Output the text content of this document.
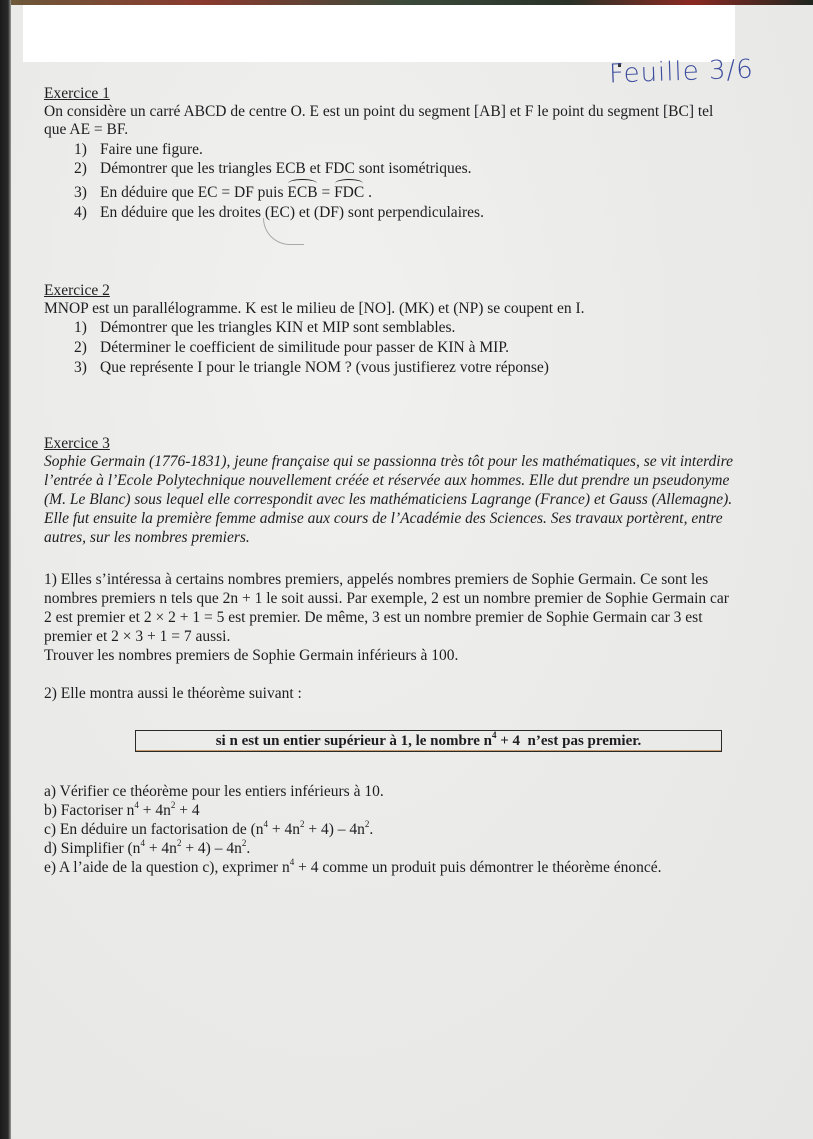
Feuille 3/6
Exercice 1
On considère un carré ABCD de centre O. E est un point du segment [AB] et F le point du segment [BC] tel
que AE = BF.
1) Faire une figure.
2) Démontrer que les triangles ECB et FDC sont isométriques.
3) En déduire que EC = DF puis ECB = FDC .
4) En déduire que les droites (EC) et (DF) sont perpendiculaires.
Exercice 2
MNOP est un parallélogramme. K est le milieu de [NO]. (MK) et (NP) se coupent en I.
1) Démontrer que les triangles KIN et MIP sont semblables.
2) Déterminer le coefficient de similitude pour passer de KIN à MIP.
3) Que représente I pour le triangle NOM ? (vous justifierez votre réponse)
Exercice 3
Sophie Germain (1776-1831), jeune française qui se passionna très tôt pour les mathématiques, se vit interdire
l’entrée à l’Ecole Polytechnique nouvellement créée et réservée aux hommes. Elle dut prendre un pseudonyme
(M. Le Blanc) sous lequel elle correspondit avec les mathématiciens Lagrange (France) et Gauss (Allemagne).
Elle fut ensuite la première femme admise aux cours de l’Académie des Sciences. Ses travaux portèrent, entre
autres, sur les nombres premiers.
1) Elles s’intéressa à certains nombres premiers, appelés nombres premiers de Sophie Germain. Ce sont les
nombres premiers n tels que 2n + 1 le soit aussi. Par exemple, 2 est un nombre premier de Sophie Germain car
2 est premier et 2 × 2 + 1 = 5 est premier. De même, 3 est un nombre premier de Sophie Germain car 3 est
premier et 2 × 3 + 1 = 7 aussi.
Trouver les nombres premiers de Sophie Germain inférieurs à 100.
2) Elle montra aussi le théorème suivant :
si n est un entier supérieur à 1, le nombre $n^4 + 4$  n’est pas premier.
a) Vérifier ce théorème pour les entiers inférieurs à 10.
b) Factoriser $n^4 + 4n^2 + 4$
c) En déduire un factorisation de $(n^4 + 4n^2 + 4) - 4n^2$.
d) Simplifier $(n^4 + 4n^2 + 4) - 4n^2$.
e) A l’aide de la question c), exprimer $n^4 + 4$ comme un produit puis démontrer le théorème énoncé.
